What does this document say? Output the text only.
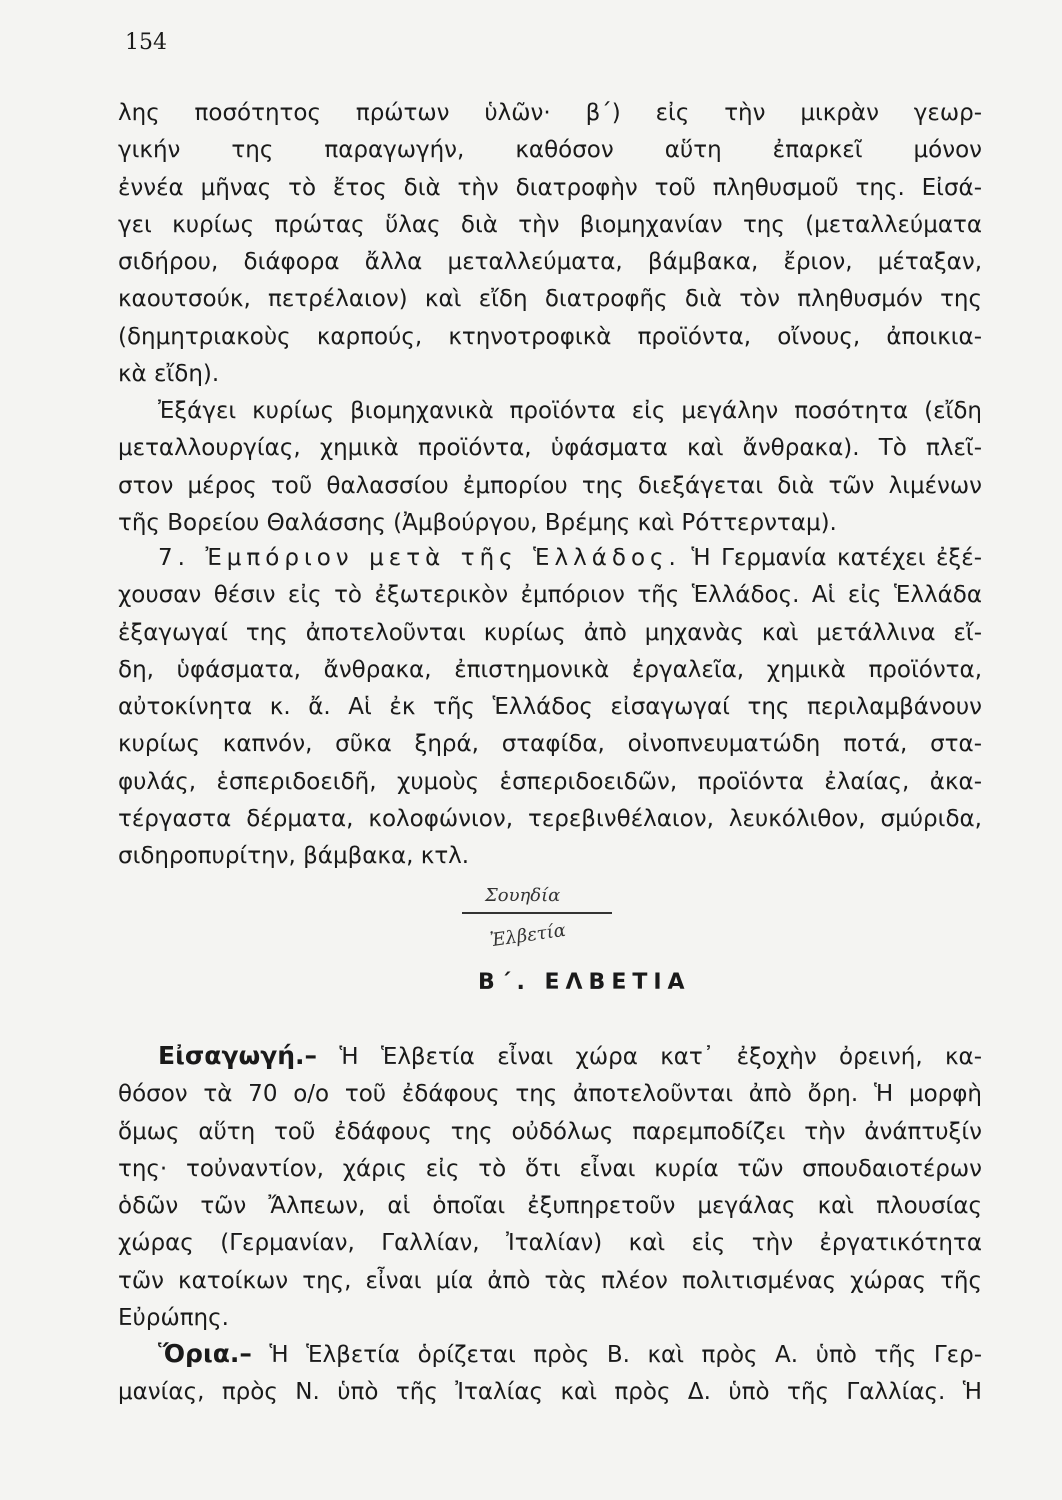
154
λης ποσότητος πρώτων ὑλῶν· β΄) εἰς τὴν μικρὰν γεωρ-
γικήν της παραγωγήν, καθόσον αὕτη ἐπαρκεῖ μόνον
ἐννέα μῆνας τὸ ἔτος διὰ τὴν διατροφὴν τοῦ πληθυσμοῦ της. Εἰσά-
γει κυρίως πρώτας ὕλας διὰ τὴν βιομηχανίαν της (μεταλλεύματα
σιδήρου, διάφορα ἄλλα μεταλλεύματα, βάμβακα, ἔριον, μέταξαν,
καουτσούκ, πετρέλαιον) καὶ εἴδη διατροφῆς διὰ τὸν πληθυσμόν της
(δημητριακοὺς καρπούς, κτηνοτροφικὰ προϊόντα, οἴνους, ἀποικια-
κὰ εἴδη).
Ἐξάγει κυρίως βιομηχανικὰ προϊόντα εἰς μεγάλην ποσότητα (εἴδη
μεταλλουργίας, χημικὰ προϊόντα, ὑφάσματα καὶ ἄνθρακα). Τὸ πλεῖ-
στον μέρος τοῦ θαλασσίου ἐμπορίου της διεξάγεται διὰ τῶν λιμένων
τῆς Βορείου Θαλάσσης (Ἀμβούργου, Βρέμης καὶ Ρόττερνταμ).
7. Ἐμπόριον μετὰ τῆς Ἑλλάδος. Ἡ Γερμανία κατέχει ἐξέ-
χουσαν θέσιν εἰς τὸ ἐξωτερικὸν ἐμπόριον τῆς Ἑλλάδος. Αἱ εἰς Ἑλλάδα
ἐξαγωγαί της ἀποτελοῦνται κυρίως ἀπὸ μηχανὰς καὶ μετάλλινα εἴ-
δη, ὑφάσματα, ἄνθρακα, ἐπιστημονικὰ ἐργαλεῖα, χημικὰ προϊόντα,
αὐτοκίνητα κ. ἄ. Αἱ ἐκ τῆς Ἑλλάδος εἰσαγωγαί της περιλαμβάνουν
κυρίως καπνόν, σῦκα ξηρά, σταφίδα, οἰνοπνευματώδη ποτά, στα-
φυλάς, ἑσπεριδοειδῆ, χυμοὺς ἑσπεριδοειδῶν, προϊόντα ἐλαίας, ἀκα-
τέργαστα δέρματα, κολοφώνιον, τερεβινθέλαιον, λευκόλιθον, σμύριδα,
σιδηροπυρίτην, βάμβακα, κτλ.
Σουηδία
Ἐλβετία
Β΄. ΕΛΒΕΤΙΑ
Εἰσαγωγή.– Ἡ Ἑλβετία εἶναι χώρα κατ᾽ ἐξοχὴν ὀρεινή, κα-
θόσον τὰ 70 ο/ο τοῦ ἐδάφους της ἀποτελοῦνται ἀπὸ ὄρη. Ἡ μορφὴ
ὅμως αὕτη τοῦ ἐδάφους της οὐδόλως παρεμποδίζει τὴν ἀνάπτυξίν
της· τοὐναντίον, χάρις εἰς τὸ ὅτι εἶναι κυρία τῶν σπουδαιοτέρων
ὁδῶν τῶν Ἄλπεων, αἱ ὁποῖαι ἐξυπηρετοῦν μεγάλας καὶ πλουσίας
χώρας (Γερμανίαν, Γαλλίαν, Ἰταλίαν) καὶ εἰς τὴν ἐργατικότητα
τῶν κατοίκων της, εἶναι μία ἀπὸ τὰς πλέον πολιτισμένας χώρας τῆς
Εὐρώπης.
Ὅρια.– Ἡ Ἑλβετία ὁρίζεται πρὸς Β. καὶ πρὸς Α. ὑπὸ τῆς Γερ-
μανίας, πρὸς Ν. ὑπὸ τῆς Ἰταλίας καὶ πρὸς Δ. ὑπὸ τῆς Γαλλίας. Ἡ
